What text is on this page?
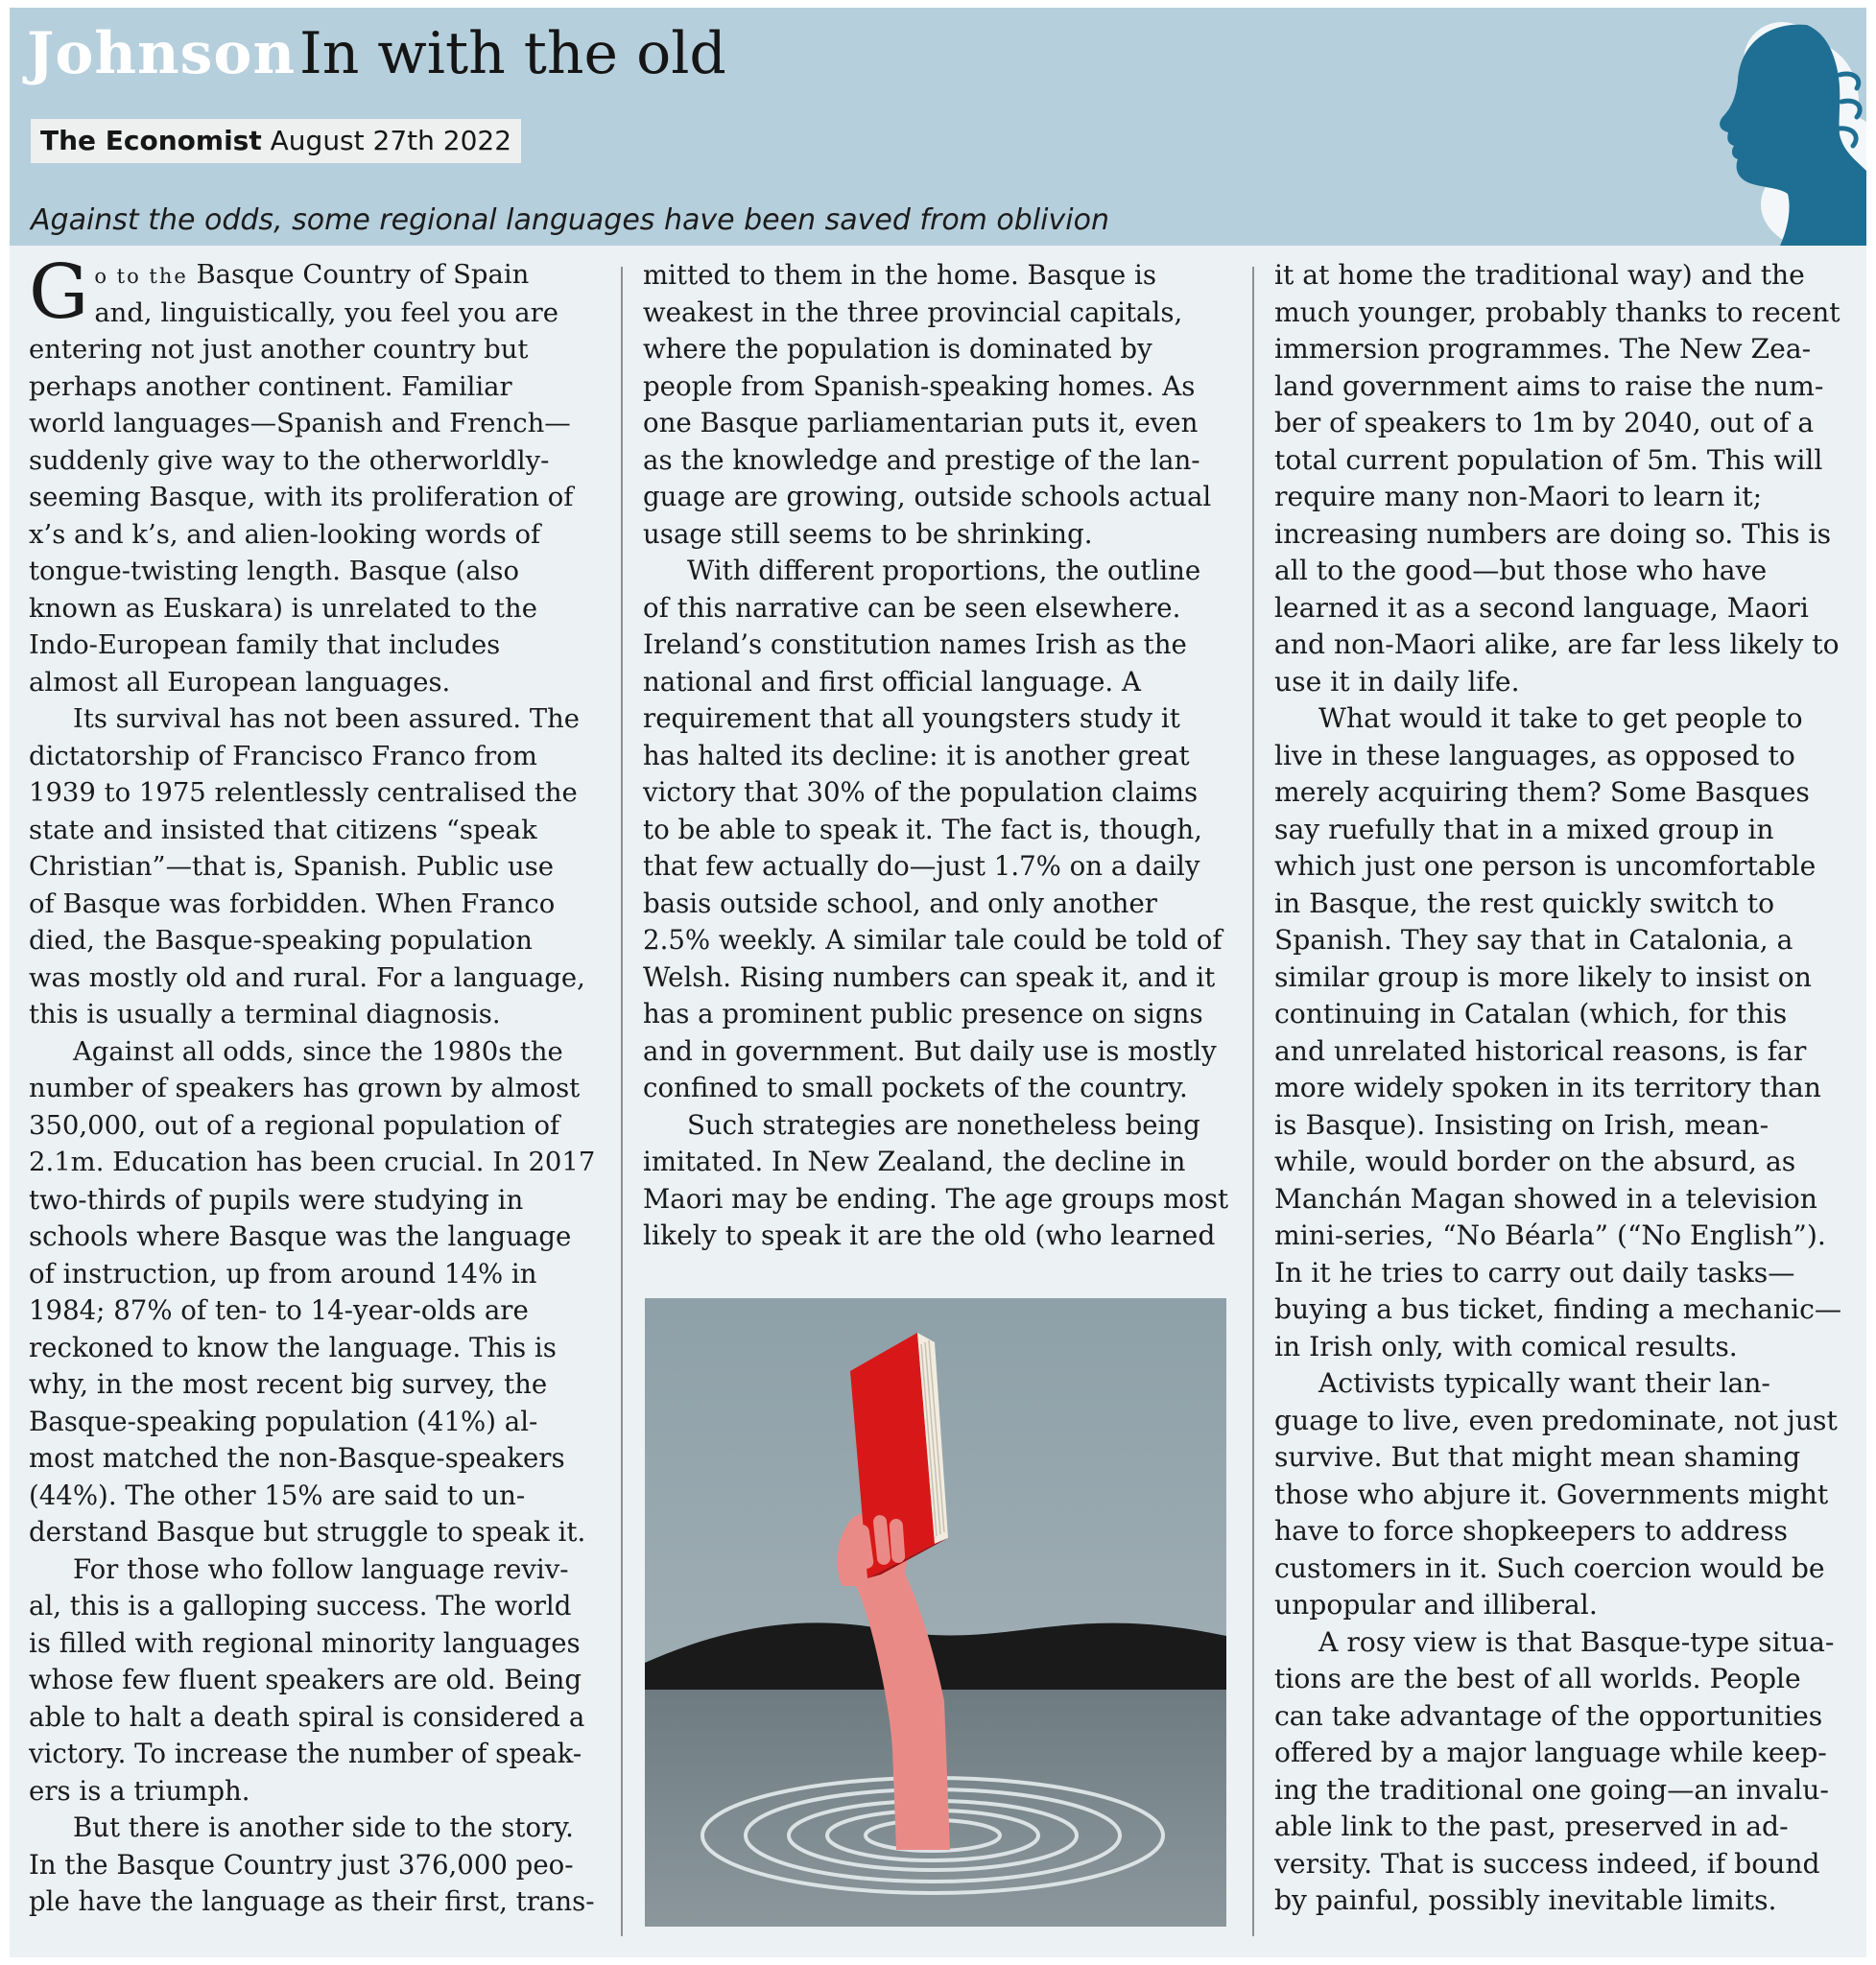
Johnson In with the old
The Economist August 27th 2022
Against the odds, some regional languages have been saved from oblivion

Go to the Basque Country of Spain

and, linguistically, you feel you are

entering not just another country but

perhaps another continent. Familiar

world languages—Spanish and French—

suddenly give way to the otherworldly-

seeming Basque, with its proliferation of

x’s and k’s, and alien-looking words of

tongue-twisting length. Basque (also

known as Euskara) is unrelated to the

Indo-European family that includes

almost all European languages.

Its survival has not been assured. The

dictatorship of Francisco Franco from

1939 to 1975 relentlessly centralised the

state and insisted that citizens “speak

Christian”—that is, Spanish. Public use

of Basque was forbidden. When Franco

died, the Basque-speaking population

was mostly old and rural. For a language,

this is usually a terminal diagnosis.

Against all odds, since the 1980s the

number of speakers has grown by almost

350,000, out of a regional population of

2.1m. Education has been crucial. In 2017

two-thirds of pupils were studying in

schools where Basque was the language

of instruction, up from around 14% in

1984; 87% of ten- to 14-year-olds are

reckoned to know the language. This is

why, in the most recent big survey, the

Basque-speaking population (41%) al-

most matched the non-Basque-speakers

(44%). The other 15% are said to un-

derstand Basque but struggle to speak it.

For those who follow language reviv-

al, this is a galloping success. The world

is filled with regional minority languages

whose few fluent speakers are old. Being

able to halt a death spiral is considered a

victory. To increase the number of speak-

ers is a triumph.

But there is another side to the story.

In the Basque Country just 376,000 peo-

ple have the language as their first, trans-

mitted to them in the home. Basque is

weakest in the three provincial capitals,

where the population is dominated by

people from Spanish-speaking homes. As

one Basque parliamentarian puts it, even

as the knowledge and prestige of the lan-

guage are growing, outside schools actual

usage still seems to be shrinking.

With different proportions, the outline

of this narrative can be seen elsewhere.

Ireland’s constitution names Irish as the

national and first official language. A

requirement that all youngsters study it

has halted its decline: it is another great

victory that 30% of the population claims

to be able to speak it. The fact is, though,

that few actually do—just 1.7% on a daily

basis outside school, and only another

2.5% weekly. A similar tale could be told of

Welsh. Rising numbers can speak it, and it

has a prominent public presence on signs

and in government. But daily use is mostly

confined to small pockets of the country.

Such strategies are nonetheless being

imitated. In New Zealand, the decline in

Maori may be ending. The age groups most

likely to speak it are the old (who learned

it at home the traditional way) and the

much younger, probably thanks to recent

immersion programmes. The New Zea-

land government aims to raise the num-

ber of speakers to 1m by 2040, out of a

total current population of 5m. This will

require many non-Maori to learn it;

increasing numbers are doing so. This is

all to the good—but those who have

learned it as a second language, Maori

and non-Maori alike, are far less likely to

use it in daily life.

What would it take to get people to

live in these languages, as opposed to

merely acquiring them? Some Basques

say ruefully that in a mixed group in

which just one person is uncomfortable

in Basque, the rest quickly switch to

Spanish. They say that in Catalonia, a

similar group is more likely to insist on

continuing in Catalan (which, for this

and unrelated historical reasons, is far

more widely spoken in its territory than

is Basque). Insisting on Irish, mean-

while, would border on the absurd, as

Manchán Magan showed in a television

mini-series, “No Béarla” (“No English”).

In it he tries to carry out daily tasks—

buying a bus ticket, finding a mechanic—

in Irish only, with comical results.

Activists typically want their lan-

guage to live, even predominate, not just

survive. But that might mean shaming

those who abjure it. Governments might

have to force shopkeepers to address

customers in it. Such coercion would be

unpopular and illiberal.

A rosy view is that Basque-type situa-

tions are the best of all worlds. People

can take advantage of the opportunities

offered by a major language while keep-

ing the traditional one going—an invalu-

able link to the past, preserved in ad-

versity. That is success indeed, if bound

by painful, possibly inevitable limits.
